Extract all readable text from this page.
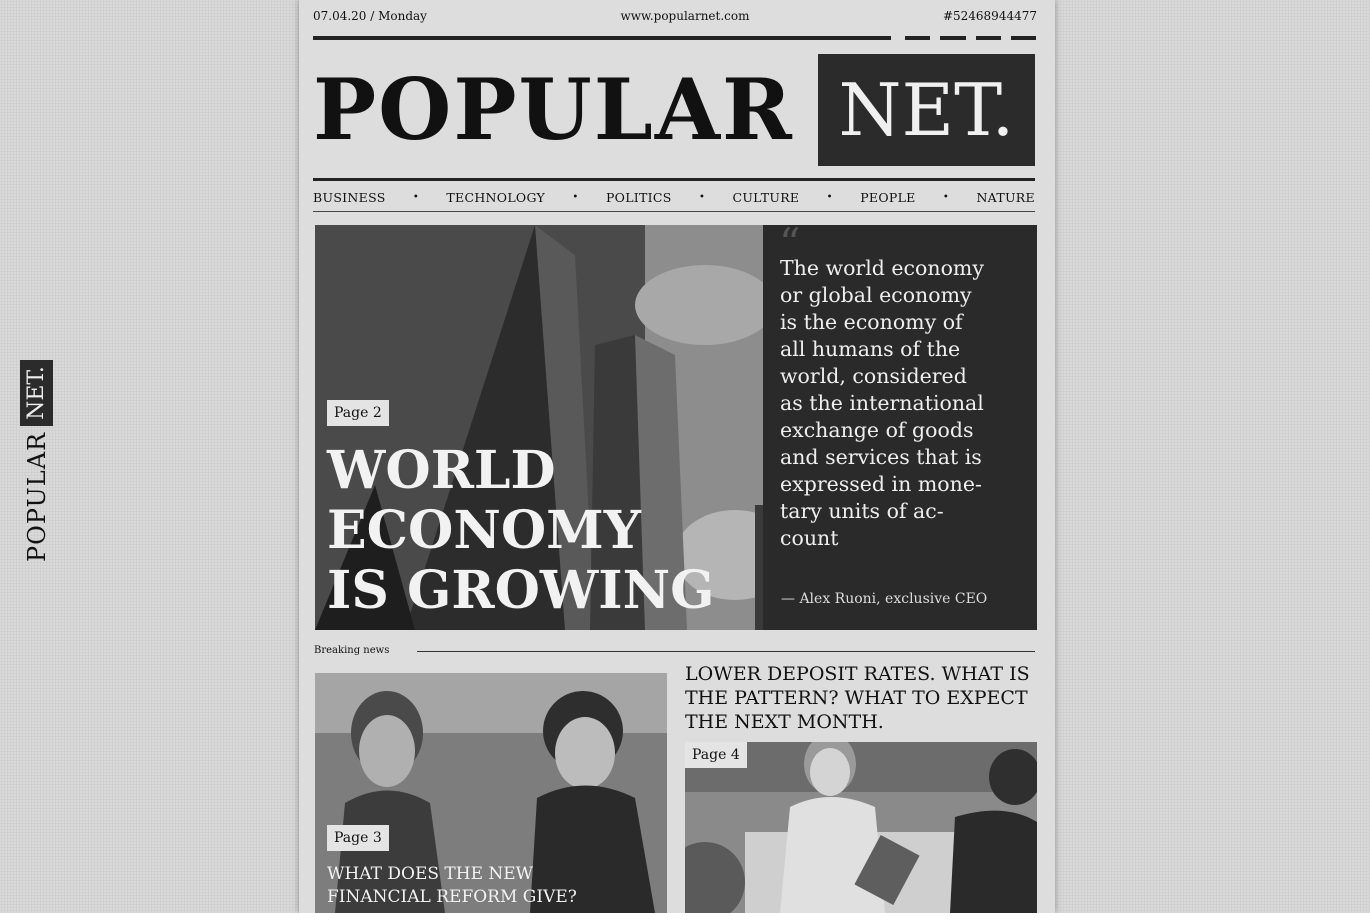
POPULAR
NET.
07.04.20 / Monday	www.popularnet.com	#52468944477
POPULAR NET.
BUSINESS	• TECHNOLOGY	• POLITICS	• CULTURE	• PEOPLE	• NATURE
Page 2
WORLD
ECONOMY
IS GROWING
“
The world economy
or global economy
is the economy of
all humans of the
world, considered
as the international
exchange of goods
and services that is
expressed in mone-
tary units of ac-
count
— Alex Ruoni, exclusive CEO
Breaking news
Page 3
WHAT DOES THE NEW
FINANCIAL REFORM GIVE?
LOWER DEPOSIT RATES. WHAT IS
THE PATTERN? WHAT TO EXPECT
THE NEXT MONTH.
Page 4
